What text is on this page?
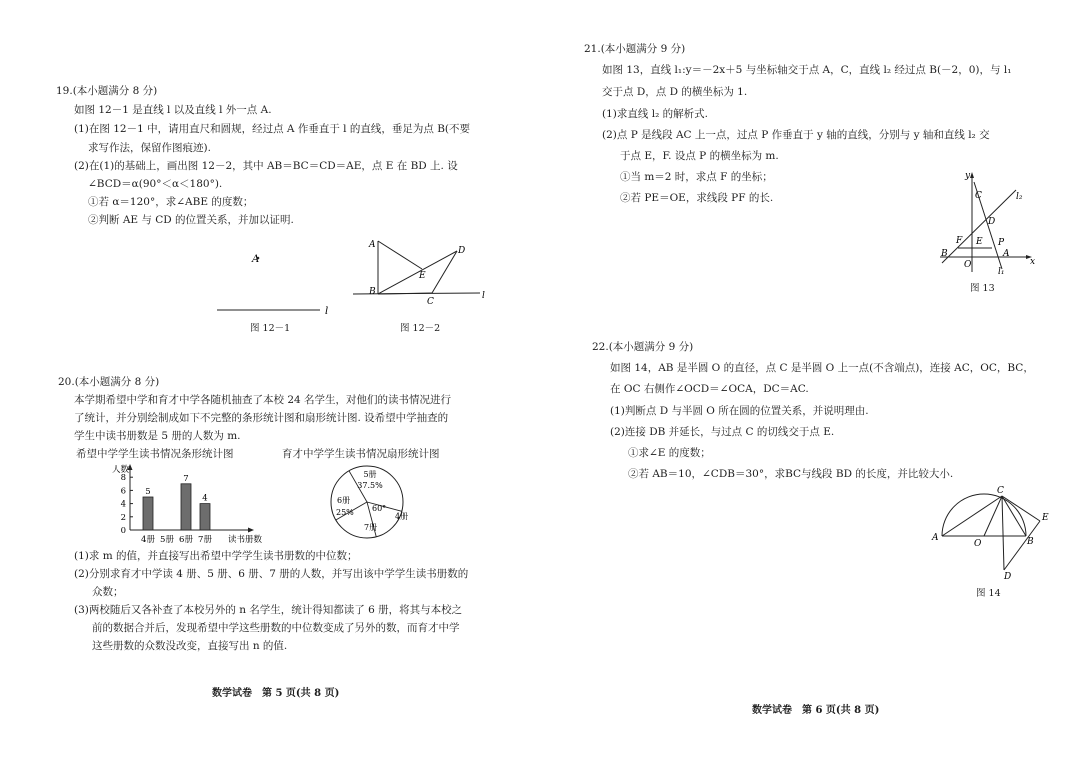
19.(本小题满分 8 分)
如图 12－1 是直线 l 以及直线 l 外一点 A.
(1)在图 12－1 中，请用直尺和圆规，经过点 A 作垂直于 l 的直线，垂足为点 B(不要
求写作法，保留作图痕迹).
(2)在(1)的基础上，画出图 12－2，其中 AB＝BC＝CD＝AE，点 E 在 BD 上. 设
∠BCD＝α(90°＜α＜180°).
①若 α＝120°，求∠ABE 的度数；
②判断 AE 与 CD 的位置关系，并加以证明.
A
l
图 12－1
A
B
C
D
E
l
图 12－2
20.(本小题满分 8 分)
本学期希望中学和育才中学各随机抽查了本校 24 名学生，对他们的读书情况进行
了统计，并分别绘制成如下不完整的条形统计图和扇形统计图. 设希望中学抽查的
学生中读书册数是 5 册的人数为 m.
希望中学学生读书情况条形统计图	育才中学学生读书情况扇形统计图
人数
读书册数
0
2
4
6
8
4册
5
5册 6册
7
7册
4
5册
37.5%
6册
25% 60°
4册
7册
(1)求 m 的值，并直接写出希望中学学生读书册数的中位数；
(2)分别求育才中学读 4 册、5 册、6 册、7 册的人数，并写出该中学学生读书册数的
众数；
(3)两校随后又各补查了本校另外的 n 名学生，统计得知都读了 6 册，将其与本校之
前的数据合并后，发现希望中学这些册数的中位数变成了另外的数，而育才中学
这些册数的众数没改变，直接写出 n 的值.
数学试卷　第 5 页(共 8 页)
21.(本小题满分 9 分)
如图 13，直线 l₁:y＝－2x＋5 与坐标轴交于点 A，C，直线 l₂ 经过点 B(－2，0)，与 l₁
交于点 D，点 D 的横坐标为 1.
(1)求直线 l₂ 的解析式.
(2)点 P 是线段 AC 上一点，过点 P 作垂直于 y 轴的直线，分别与 y 轴和直线 l₂ 交
于点 E，F. 设点 P 的横坐标为 m.
①当 m＝2 时，求点 F 的坐标；
②若 PE＝OE，求线段 PF 的长.
y
C	l₂
D
F E P
B
O
A
x
l₁
图 13
22.(本小题满分 9 分)
如图 14，AB 是半圆 O 的直径，点 C 是半圆 O 上一点(不含端点)，连接 AC，OC，BC，
在 OC 右侧作∠OCD＝∠OCA，DC＝AC.
(1)判断点 D 与半圆 O 所在圆的位置关系，并说明理由.
(2)连接 DB 并延长，与过点 C 的切线交于点 E.
①求∠E 的度数；
②若 AB＝10，∠CDB＝30°，求BC与线段 BD 的长度，并比较大小.
C
E
A
O	B
D
图 14
数学试卷　第 6 页(共 8 页)
